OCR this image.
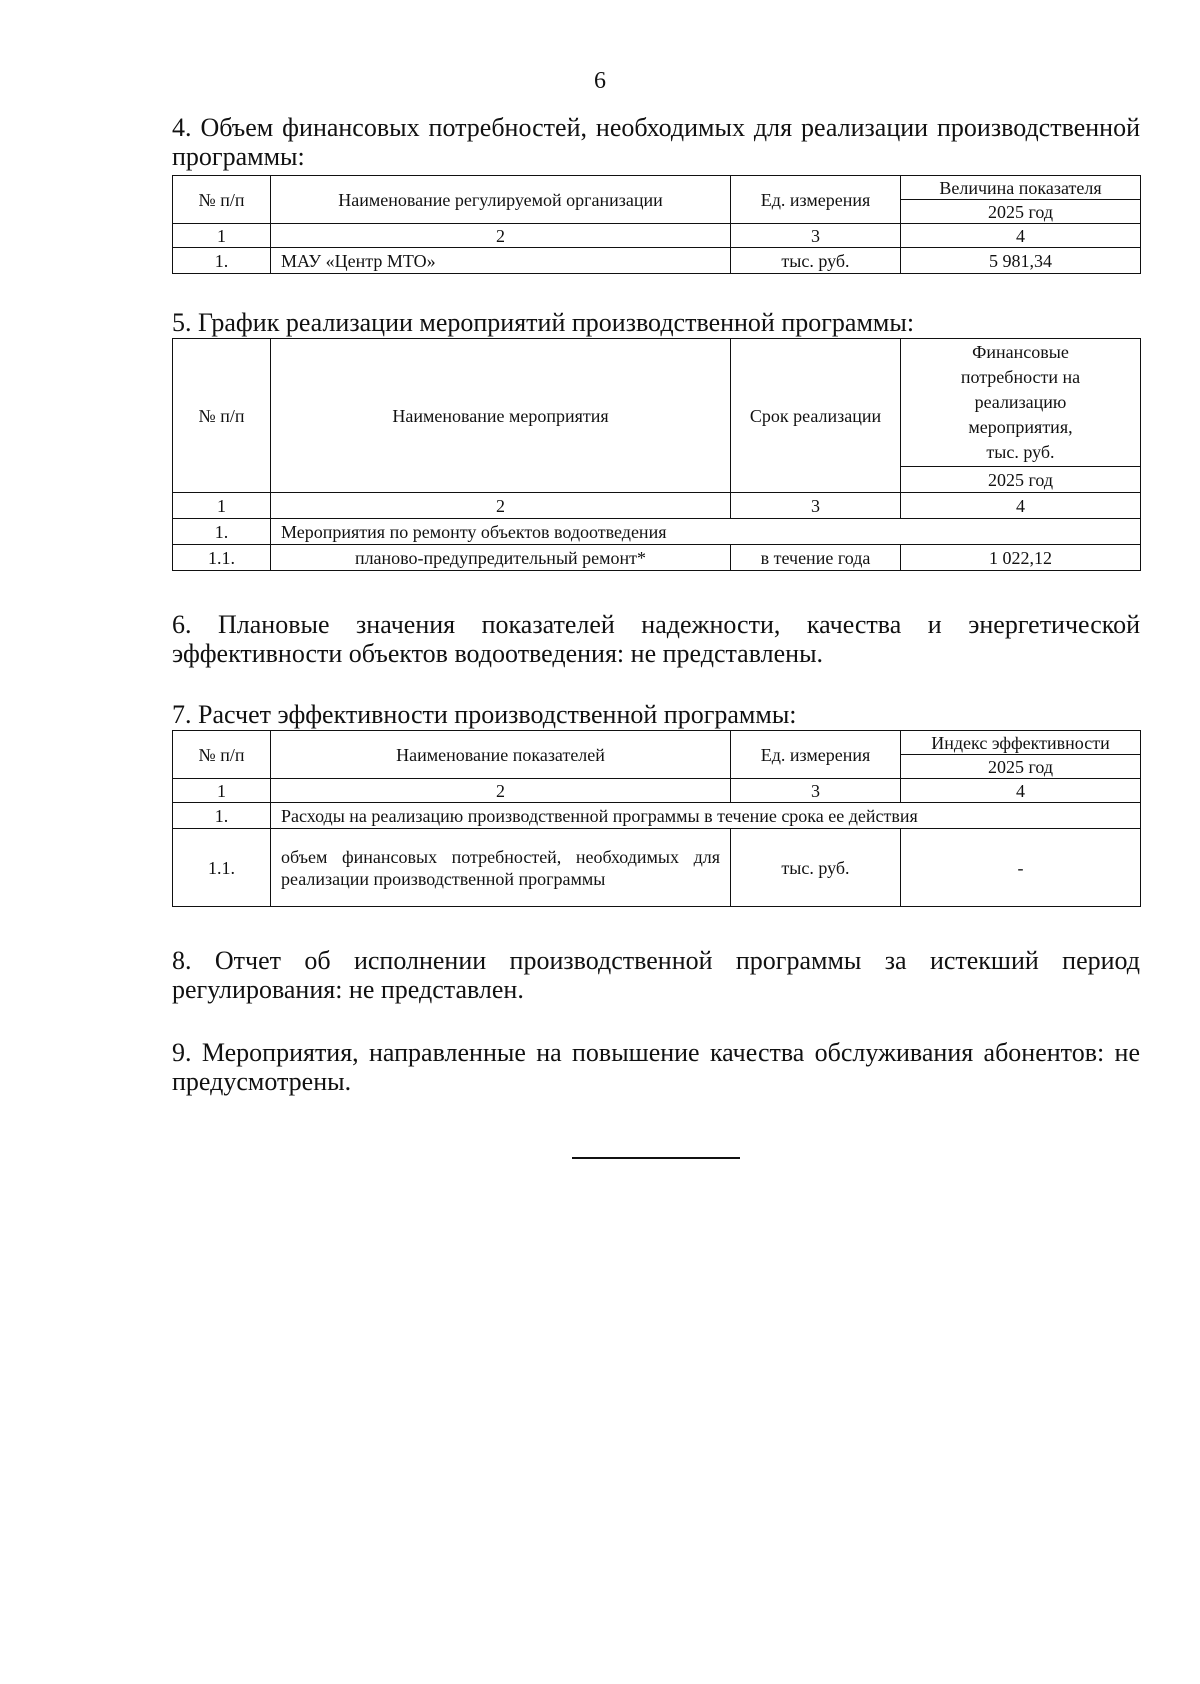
6
4. Объем финансовых потребностей, необходимых для реализации производственной программы:
№ п/п	Наименование регулируемой организации	Ед. измерения	Величина показателя
			2025 год
1	2	3	4
1.	МАУ «Центр МТО»	тыс. руб.	5 981,34
5. График реализации мероприятий производственной программы:
№ п/п	Наименование мероприятия	Срок реализации	Финансовые
потребности на
реализацию
мероприятия,
тыс. руб.

			2025 год
1	2	3	4
1.	Мероприятия по ремонту объектов водоотведения		
1.1.	планово-предупредительный ремонт*	в течение года	1 022,12
6. Плановые значения показателей надежности, качества и энергетической эффективности объектов водоотведения: не представлены.
7. Расчет эффективности производственной программы:
№ п/п	Наименование показателей	Ед. измерения	Индекс эффективности
			2025 год
1	2	3	4
1.	Расходы на реализацию производственной программы в течение срока ее действия		
1.1.	объем финансовых потребностей, необходимых для реализации производственной программы	тыс. руб.	-
8. Отчет об исполнении производственной программы за истекший период регулирования: не представлен.
9. Мероприятия, направленные на повышение качества обслуживания абонентов: не предусмотрены.
